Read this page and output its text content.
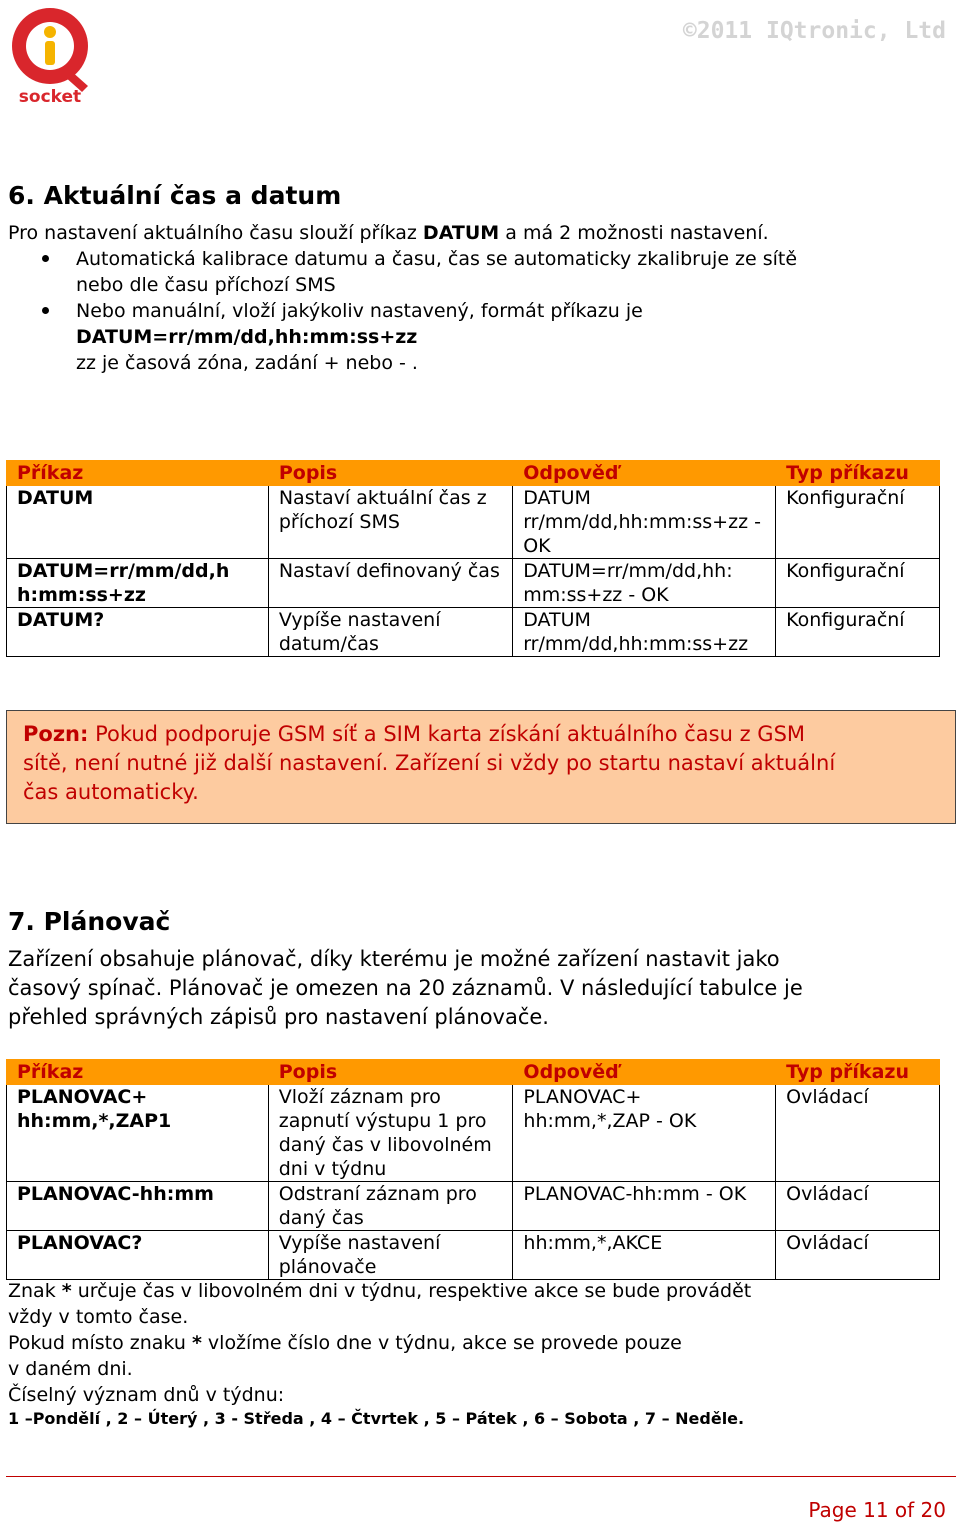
socket
©2011 IQtronic, Ltd
6. Aktuální čas a datum
Pro nastavení aktuálního času slouží příkaz DATUM a má 2 možnosti nastavení.
Automatická kalibrace datumu a času, čas se automaticky zkalibruje ze sítě
nebo dle času příchozí SMS
Nebo manuální, vloží jakýkoliv nastavený, formát příkazu je
DATUM=rr/mm/dd,hh:mm:ss+zz
zz je časová zóna, zadání + nebo - .
Příkaz	Popis	Odpověď	Typ příkazu
DATUM	Nastaví aktuální čas z příchozí SMS	DATUM rr/mm/dd,hh:mm:ss+zz - OK	Konfigurační
DATUM=rr/mm/dd,h h:mm:ss+zz	Nastaví definovaný čas	DATUM=rr/mm/dd,hh: mm:ss+zz - OK	Konfigurační
DATUM?	Vypíše nastavení datum/čas	DATUM rr/mm/dd,hh:mm:ss+zz	Konfigurační
Pozn: Pokud podporuje GSM síť a SIM karta získání aktuálního času z GSM
sítě, není nutné již další nastavení. Zařízení si vždy po startu nastaví aktuální
čas automaticky.
7. Plánovač
Zařízení obsahuje plánovač, díky kterému je možné zařízení nastavit jako
časový spínač. Plánovač je omezen na 20 záznamů. V následující tabulce je
přehled správných zápisů pro nastavení plánovače.
Příkaz	Popis	Odpověď	Typ příkazu
PLANOVAC+ hh:mm,*,ZAP1	Vloží záznam pro zapnutí výstupu 1 pro daný čas v libovolném dni v týdnu	PLANOVAC+ hh:mm,*,ZAP - OK	Ovládací
PLANOVAC-hh:mm	Odstraní záznam pro daný čas	PLANOVAC-hh:mm - OK	Ovládací
PLANOVAC?	Vypíše nastavení plánovače	hh:mm,*,AKCE	Ovládací
Znak * určuje čas v libovolném dni v týdnu, respektive akce se bude provádět
vždy v tomto čase.
Pokud místo znaku * vložíme číslo dne v týdnu, akce se provede pouze
v daném dni.
Číselný význam dnů v týdnu:
1 –Pondělí , 2 – Úterý , 3 - Středa , 4 – Čtvrtek , 5 – Pátek , 6 – Sobota , 7 – Neděle.
Page 11 of 20
